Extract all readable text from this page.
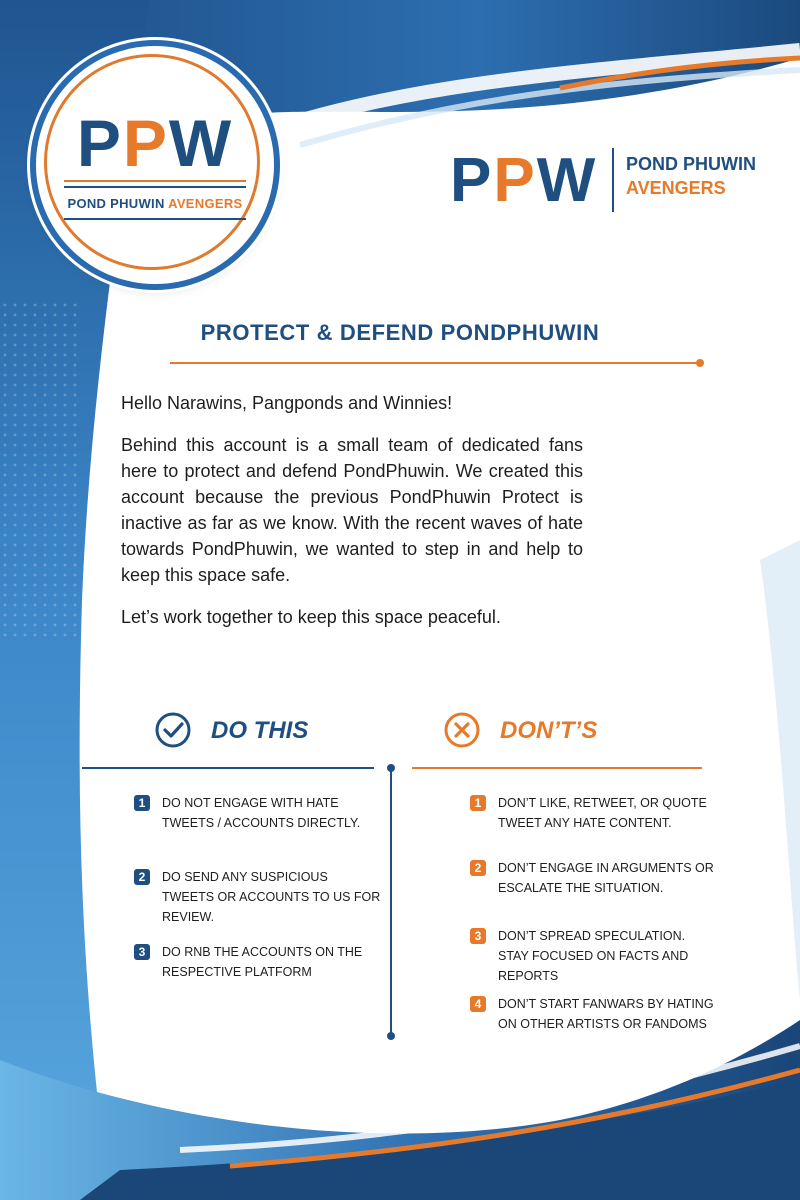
PPW
POND PHUWIN AVENGERS	PPW POND PHUWIN
AVENGERS
PROTECT & DEFEND PONDPHUWIN
Hello Narawins, Pangponds and Winnies!
Behind this account is a small team of dedicated fans here to protect and defend PondPhuwin. We created this account because the previous PondPhuwin Protect is inactive as far as we know. With the recent waves of hate towards PondPhuwin, we wanted to step in and help to keep this space safe.
Let’s work together to keep this space peaceful.
DO THIS	DON’T’S
1	DO NOT ENGAGE WITH HATE TWEETS / ACCOUNTS DIRECTLY.
2	DO SEND ANY SUSPICIOUS TWEETS OR ACCOUNTS TO US FOR REVIEW.
3	DO RNB THE ACCOUNTS ON THE RESPECTIVE PLATFORM
1	DON’T LIKE, RETWEET, OR QUOTE TWEET ANY HATE CONTENT.
2	DON’T ENGAGE IN ARGUMENTS OR ESCALATE THE SITUATION.
3	DON’T SPREAD SPECULATION. STAY FOCUSED ON FACTS AND REPORTS
4	DON’T START FANWARS BY HATING ON OTHER ARTISTS OR FANDOMS
